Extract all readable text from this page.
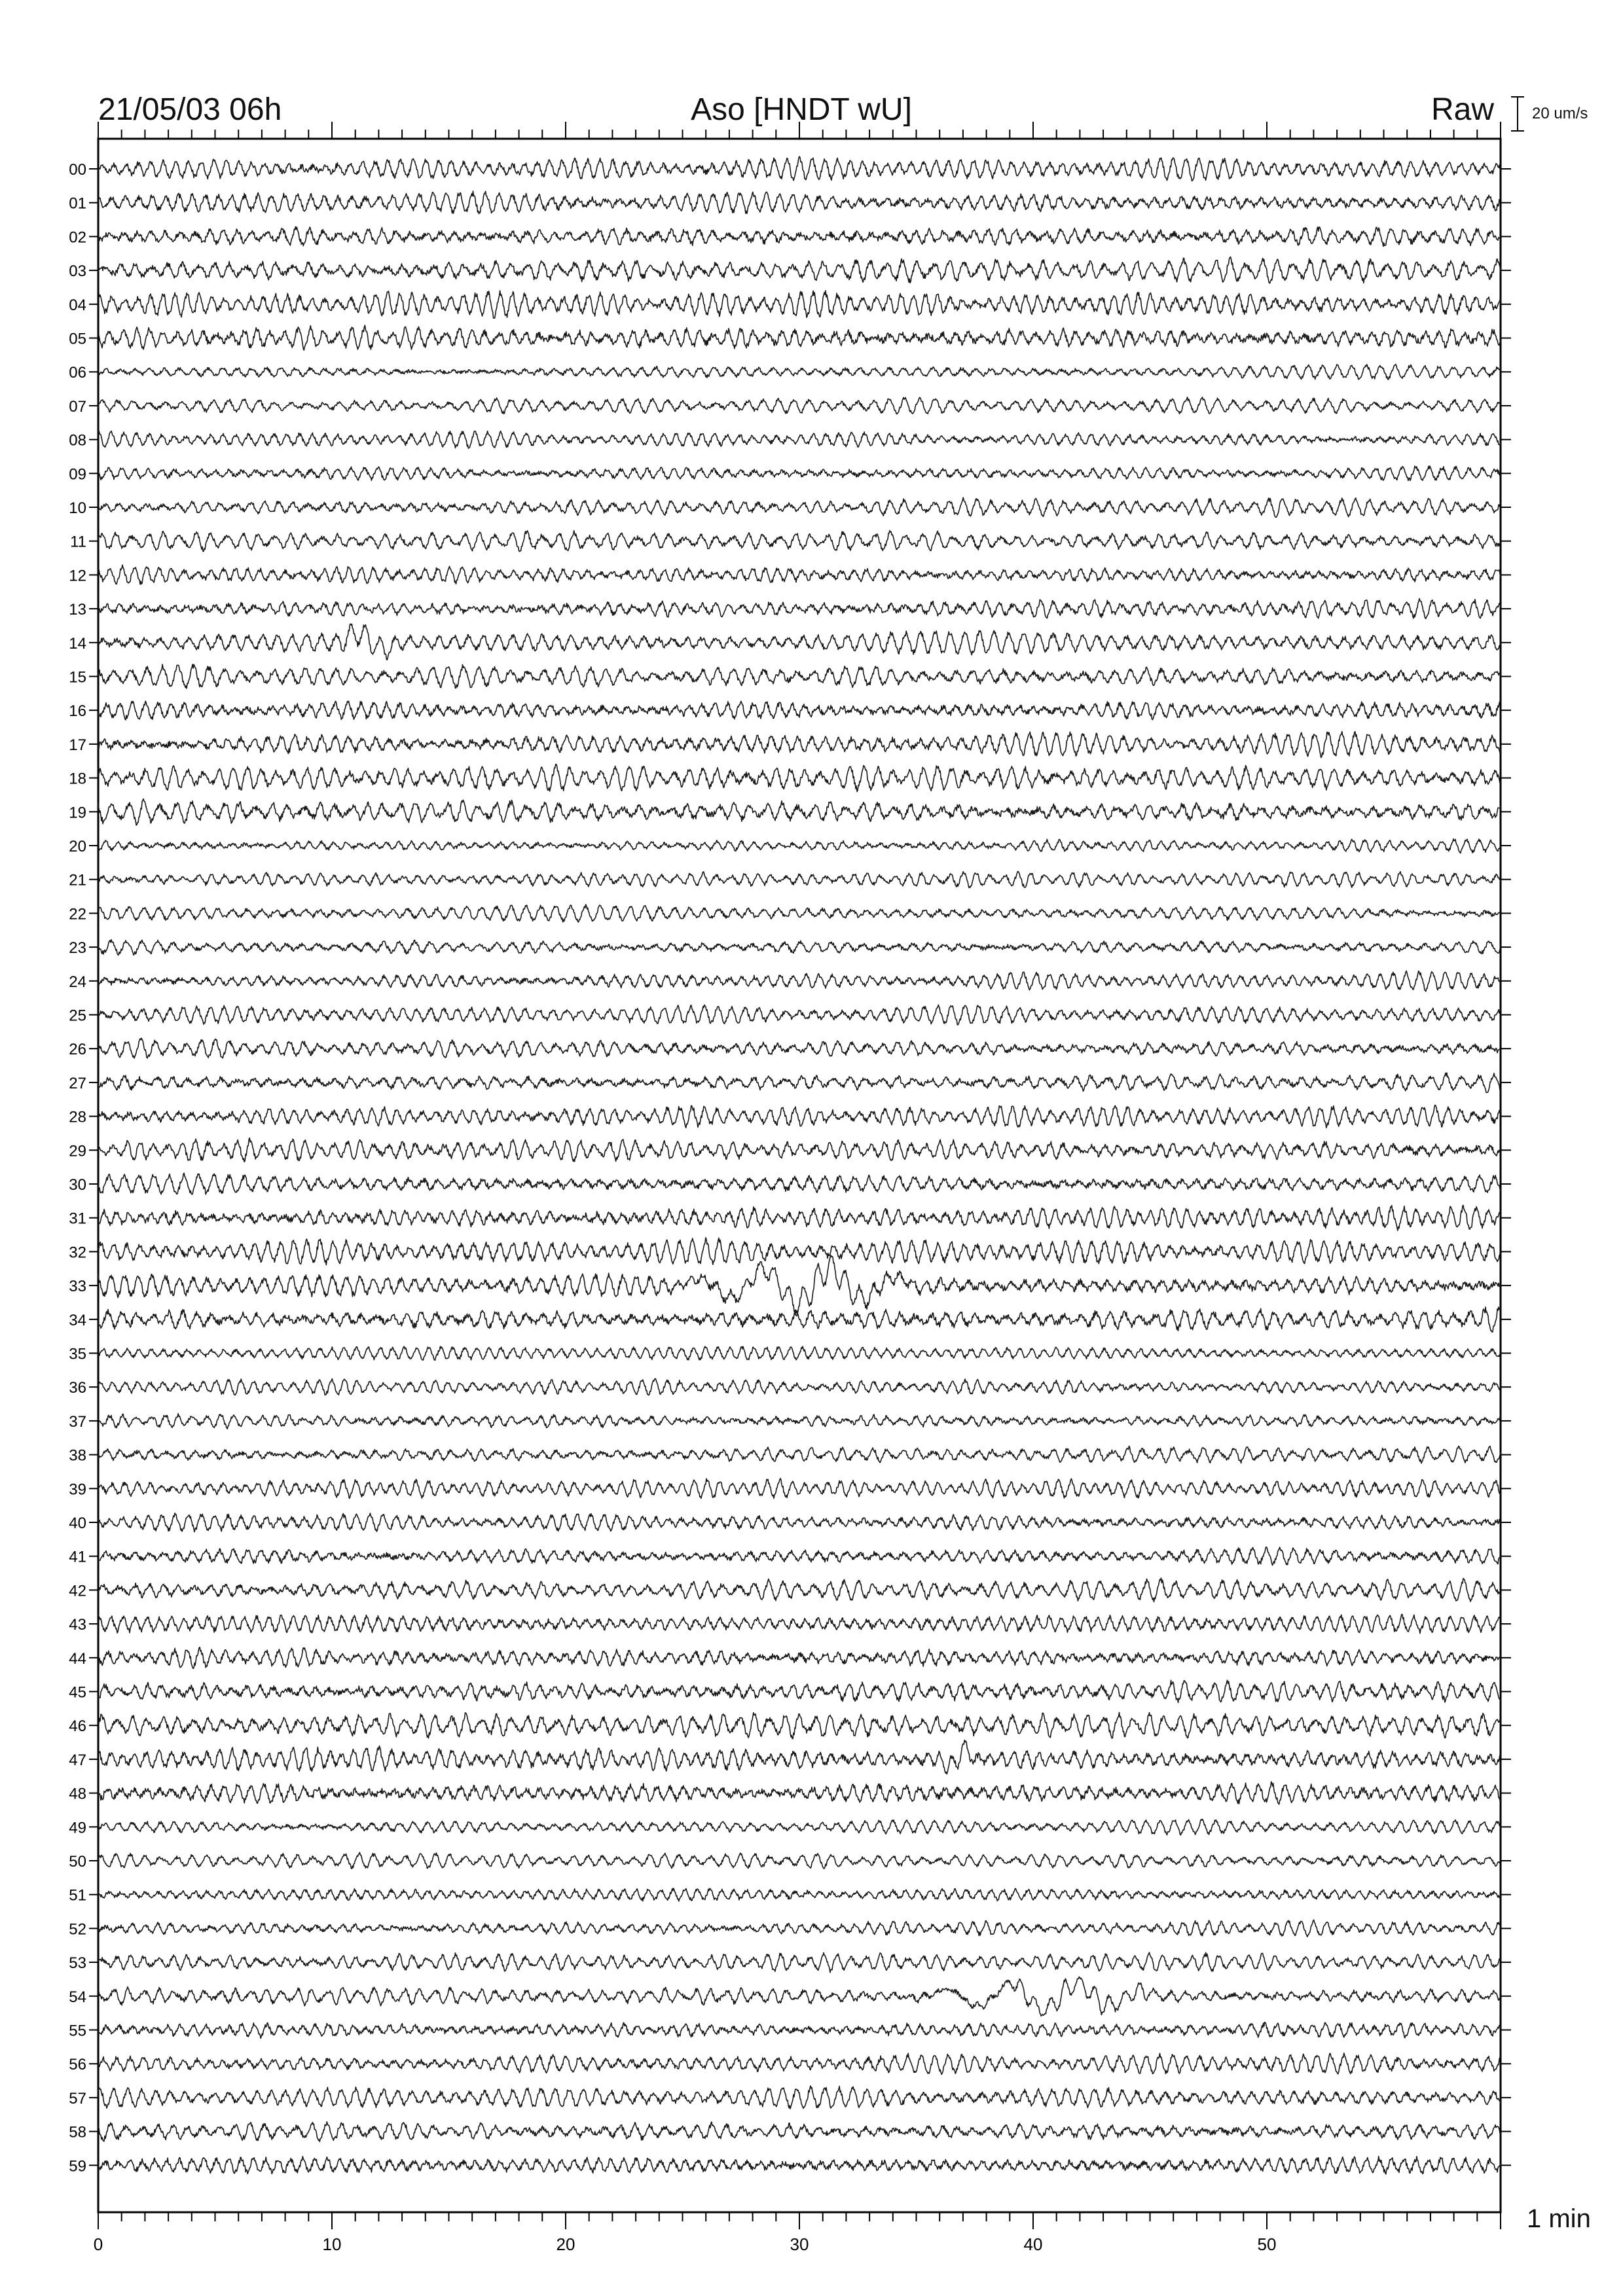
21/05/03 06h	Aso [HNDT wU]	Raw 20 um/s
1 min
0	10	20	30	40	50
00
01
02
03
04
05
06
07
08
09
10
11
12
13
14
15
16
17
18
19
20
21
22
23
24
25
26
27
28
29
30
31
32
33
34
35
36
37
38
39
40
41
42
43
44
45
46
47
48
49
50
51
52
53
54
55
56
57
58
59
